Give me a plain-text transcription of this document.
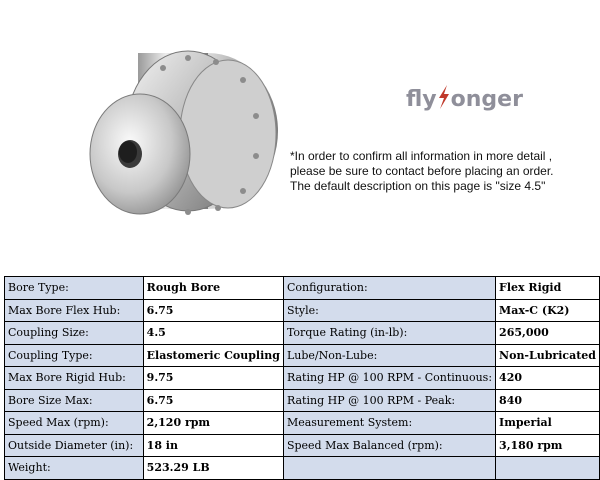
fly onger
*In order to confirm all information in more detail ,
please be sure to contact before placing an order.
The default description on this page is "size 4.5"
Bore Type:	Rough Bore	Configuration:	Flex Rigid
Max Bore Flex Hub:	6.75	Style:	Max-C (K2)
Coupling Size:	4.5	Torque Rating (in-lb):	265,000
Coupling Type:	Elastomeric Coupling	Lube/Non-Lube:	Non-Lubricated
Max Bore Rigid Hub:	9.75	Rating HP @ 100 RPM - Continuous:	420
Bore Size Max:	6.75	Rating HP @ 100 RPM - Peak:	840
Speed Max (rpm):	2,120 rpm	Measurement System:	Imperial
Outside Diameter (in):	18 in	Speed Max Balanced (rpm):	3,180 rpm
Weight:	523.29 LB		
